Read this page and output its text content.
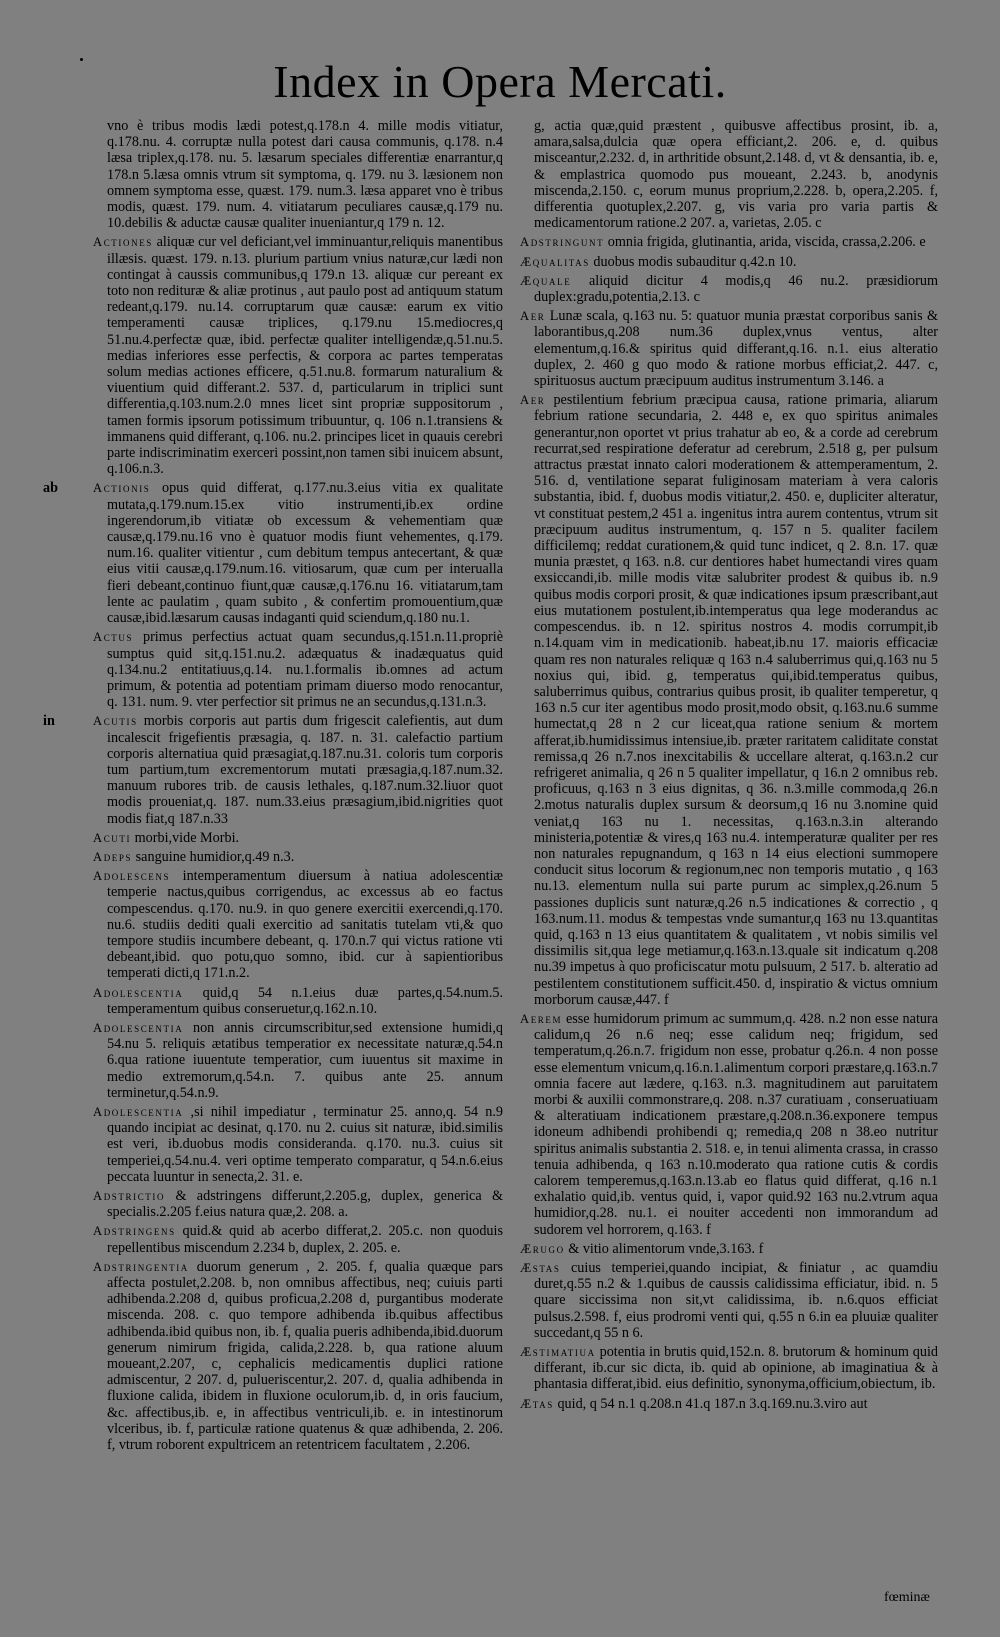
Index in Opera Mercati.

vno è tribus modis lædi potest,q.178.n 4. mille modis vitiatur, q.178.nu. 4. corruptæ nulla potest dari causa communis, q.178. n.4 læsa triplex,q.178. nu. 5. læsarum speciales differentiæ enarrantur,q 178.n 5.læsa omnis vtrum sit symptoma, q. 179. nu 3. læsionem non omnem symptoma esse, quæst. 179. num.3. læsa apparet vno è tribus modis, quæst. 179. num. 4. vitiatarum peculiares causæ,q.179 nu. 10.debilis & aductæ causæ qualiter inueniantur,q 179 n. 12.

Actiones aliquæ cur vel deficiant,vel imminuantur,reliquis manentibus illæsis. quæst. 179. n.13. plurium partium vnius naturæ,cur lædi non contingat à caussis communibus,q 179.n 13. aliquæ cur pereant ex toto non redituræ & aliæ protinus , aut paulo post ad antiquum statum redeant,q.179. nu.14. corruptarum quæ causæ: earum ex vitio temperamenti causæ triplices, q.179.nu 15.mediocres,q 51.nu.4.perfectæ quæ, ibid. perfectæ qualiter intelligendæ,q.51.nu.5. medias inferiores esse perfectis, & corpora ac partes temperatas solum medias actiones efficere, q.51.nu.8. formarum naturalium & viuentium quid differant.2. 537. d, particularum in triplici sunt differentia,q.103.num.2.0 mnes licet sint propriæ suppositorum , tamen formis ipsorum potissimum tribuuntur, q. 106 n.1.transiens & immanens quid differant, q.106. nu.2. principes licet in quauis cerebri parte indiscriminatim exerceri possint,non tamen sibi inuicem absunt, q.106.n.3.

ab	Actionis opus quid differat, q.177.nu.3.eius vitia ex qualitate mutata,q.179.num.15.ex vitio instrumenti,ib.ex ordine ingerendorum,ib vitiatæ ob excessum & vehementiam quæ causæ,q.179.nu.16 vno è quatuor modis fiunt vehementes, q.179. num.16. qualiter vitientur , cum debitum tempus antecertant, & quæ eius vitii causæ,q.179.num.16. vitiosarum, quæ cum per interualla fieri debeant,continuo fiunt,quæ causæ,q.176.nu 16. vitiatarum,tam lente ac paulatim , quam subito , & confertim promouentium,quæ causæ,ibid.læsarum causas indaganti quid sciendum,q.180 nu.1.

Actus primus perfectius actuat quam secundus,q.151.n.11.propriè sumptus quid sit,q.151.nu.2. adæquatus & inadæquatus quid q.134.nu.2 entitatiuus,q.14. nu.1.formalis ib.omnes ad actum primum, & potentia ad potentiam primam diuerso modo renocantur, q. 131. num. 9. vter perfectior sit primus ne an secundus,q.131.n.3.

in	Acutis morbis corporis aut partis dum frigescit calefientis, aut dum incalescit frigefientis præsagia, q. 187. n. 31. calefactio partium corporis alternatiua quid præsagiat,q.187.nu.31. coloris tum corporis tum partium,tum excrementorum mutati præsagia,q.187.num.32. manuum rubores trib. de causis lethales, q.187.num.32.liuor quot modis proueniat,q. 187. num.33.eius præsagium,ibid.nigrities quot modis fiat,q 187.n.33

Acuti morbi,vide Morbi.

Adeps sanguine humidior,q.49 n.3.

Adolescens intemperamentum diuersum à natiua adolescentiæ temperie nactus,quibus corrigendus, ac excessus ab eo factus compescendus. q.170. nu.9. in quo genere exercitii exercendi,q.170. nu.6. studiis dediti quali exercitio ad sanitatis tutelam vti,& quo tempore studiis incumbere debeant, q. 170.n.7 qui victus ratione vti debeant,ibid. quo potu,quo somno, ibid. cur à sapientioribus temperati dicti,q 171.n.2.

Adolescentia quid,q 54 n.1.eius duæ partes,q.54.num.5. temperamentum quibus conseruetur,q.162.n.10.

Adolescentia non annis circumscribitur,sed extensione humidi,q 54.nu 5. reliquis ætatibus temperatior ex necessitate naturæ,q.54.n 6.qua ratione iuuentute temperatior, cum iuuentus sit maxime in medio extremorum,q.54.n. 7. quibus ante 25. annum terminetur,q.54.n.9.

Adolescentia ,si nihil impediatur , terminatur 25. anno,q. 54 n.9 quando incipiat ac desinat, q.170. nu 2. cuius sit naturæ, ibid.similis est veri, ib.duobus modis consideranda. q.170. nu.3. cuius sit temperiei,q.54.nu.4. veri optime temperato comparatur, q 54.n.6.eius peccata luuntur in senecta,2. 31. e.

Adstrictio & adstringens differunt,2.205.g, duplex, generica & specialis.2.205 f.eius natura quæ,2. 208. a.

Adstringens quid.& quid ab acerbo differat,2. 205.c. non quoduis repellentibus miscendum 2.234 b, duplex, 2. 205. e.

Adstringentia duorum generum , 2. 205. f, qualia quæque pars affecta postulet,2.208. b, non omnibus affectibus, neq; cuiuis parti adhibenda.2.208 d, quibus proficua,2.208 d, purgantibus moderate miscenda. 208. c. quo tempore adhibenda ib.quibus affectibus adhibenda.ibid quibus non, ib. f, qualia pueris adhibenda,ibid.duorum generum nimirum frigida, calida,2.228. b, qua ratione aluum moueant,2.207, c, cephalicis medicamentis duplici ratione admiscentur, 2 207. d, pulueriscentur,2. 207. d, qualia adhibenda in fluxione calida, ibidem in fluxione oculorum,ib. d, in oris faucium, &c. affectibus,ib. e, in affectibus ventriculi,ib. e. in intestinorum vlceribus, ib. f, particulæ ratione quatenus & quæ adhibenda, 2. 206. f, vtrum roborent expultricem an retentricem facultatem , 2.206.

g, actia quæ,quid præstent , quibusve affectibus prosint, ib. a, amara,salsa,dulcia quæ opera efficiant,2. 206. e, d. quibus misceantur,2.232. d, in arthritide obsunt,2.148. d, vt & densantia, ib. e, & emplastrica quomodo pus moueant, 2.243. b, anodynis miscenda,2.150. c, eorum munus proprium,2.228. b, opera,2.205. f, differentia quotuplex,2.207. g, vis varia pro varia partis & medicamentorum ratione.2 207. a, varietas, 2.05. c

Adstringunt omnia frigida, glutinantia, arida, viscida, crassa,2.206. e

Æqualitas duobus modis subauditur q.42.n 10.

Æquale aliquid dicitur 4 modis,q 46 nu.2. præsidiorum duplex:gradu,potentia,2.13. c

Aer Lunæ scala, q.163 nu. 5: quatuor munia præstat corporibus sanis & laborantibus,q.208 num.36 duplex,vnus ventus, alter elementum,q.16.& spiritus quid differant,q.16. n.1. eius alteratio duplex, 2. 460 g quo modo & ratione morbus efficiat,2. 447. c, spirituosus auctum præcipuum auditus instrumentum 3.146. a

Aer pestilentium febrium præcipua causa, ratione primaria, aliarum febrium ratione secundaria, 2. 448 e, ex quo spiritus animales generantur,non oportet vt prius trahatur ab eo, & a corde ad cerebrum recurrat,sed respiratione deferatur ad cerebrum, 2.518 g, per pulsum attractus præstat innato calori moderationem & attemperamentum, 2. 516. d, ventilatione separat fuliginosam materiam à vera caloris substantia, ibid. f, duobus modis vitiatur,2. 450. e, dupliciter alteratur, vt constituat pestem,2 451 a. ingenitus intra aurem contentus, vtrum sit præcipuum auditus instrumentum, q. 157 n 5. qualiter facilem difficilemq; reddat curationem,& quid tunc indicet, q 2. 8.n. 17. quæ munia præstet, q 163. n.8. cur dentiores habet humectandi vires quam exsiccandi,ib. mille modis vitæ salubriter prodest & quibus ib. n.9 quibus modis corpori prosit, & quæ indicationes ipsum præscribant,aut eius mutationem postulent,ib.intemperatus qua lege moderandus ac compescendus. ib. n 12. spiritus nostros 4. modis corrumpit,ib n.14.quam vim in medicationib. habeat,ib.nu 17. maioris efficaciæ quam res non naturales reliquæ q 163 n.4 saluberrimus qui,q.163 nu 5 noxius qui, ibid. g, temperatus qui,ibid.temperatus quibus, saluberrimus quibus, contrarius quibus prosit, ib qualiter temperetur, q 163 n.5 cur iter agentibus modo prosit,modo obsit, q.163.nu.6 summe humectat,q 28 n 2 cur liceat,qua ratione senium & mortem afferat,ib.humidissimus intensiue,ib. præter raritatem caliditate constat remissa,q 26 n.7.nos inexcitabilis & uccellare alterat, q.163.n.2 cur refrigeret animalia, q 26 n 5 qualiter impellatur, q 16.n 2 omnibus reb. proficuus, q.163 n 3 eius dignitas, q 36. n.3.mille commoda,q 26.n 2.motus naturalis duplex sursum & deorsum,q 16 nu 3.nomine quid veniat,q 163 nu 1. necessitas, q.163.n.3.in alterando ministeria,potentiæ & vires,q 163 nu.4. intemperaturæ qualiter per res non naturales repugnandum, q 163 n 14 eius electioni summopere conducit situs locorum & regionum,nec non temporis mutatio , q 163 nu.13. elementum nulla sui parte purum ac simplex,q.26.num 5 passiones duplicis sunt naturæ,q.26 n.5 indicationes & correctio , q 163.num.11. modus & tempestas vnde sumantur,q 163 nu 13.quantitas quid, q.163 n 13 eius quantitatem & qualitatem , vt nobis similis vel dissimilis sit,qua lege metiamur,q.163.n.13.quale sit indicatum q.208 nu.39 impetus à quo proficiscatur motu pulsuum, 2 517. b. alteratio ad pestilentem constitutionem sufficit.450. d, inspiratio & victus omnium morborum causæ,447. f

Aerem esse humidorum primum ac summum,q. 428. n.2 non esse natura calidum,q 26 n.6 neq; esse calidum neq; frigidum, sed temperatum,q.26.n.7. frigidum non esse, probatur q.26.n. 4 non posse esse elementum vnicum,q.16.n.1.alimentum corpori præstare,q.163.n.7 omnia facere aut lædere, q.163. n.3. magnitudinem aut paruitatem morbi & auxilii commonstrare,q. 208. n.37 curatiuam , conseruatiuam & alteratiuam indicationem præstare,q.208.n.36.exponere tempus idoneum adhibendi prohibendi q; remedia,q 208 n 38.eo nutritur spiritus animalis substantia 2. 518. e, in tenui alimenta crassa, in crasso tenuia adhibenda, q 163 n.10.moderato qua ratione cutis & cordis calorem temperemus,q.163.n.13.ab eo flatus quid differat, q.16 n.1 exhalatio quid,ib. ventus quid, i, vapor quid.92 163 nu.2.vtrum aqua humidior,q.28. nu.1. ei nouiter accedenti non immorandum ad sudorem vel horrorem, q.163. f

Ærugo & vitio alimentorum vnde,3.163. f

Æstas cuius temperiei,quando incipiat, & finiatur , ac quamdiu duret,q.55 n.2 & 1.quibus de caussis calidissima efficiatur, ibid. n. 5 quare siccissima non sit,vt calidissima, ib. n.6.quos efficiat pulsus.2.598. f, eius prodromi venti qui, q.55 n 6.in ea pluuiæ qualiter succedant,q 55 n 6.

Æstimatiua potentia in brutis quid,152.n. 8. brutorum & hominum quid differant, ib.cur sic dicta, ib. quid ab opinione, ab imaginatiua & à phantasia differat,ibid. eius definitio, synonyma,officium,obiectum, ib.

Ætas quid, q 54 n.1 q.208.n 41.q 187.n 3.q.169.nu.3.viro aut

fœminæ
